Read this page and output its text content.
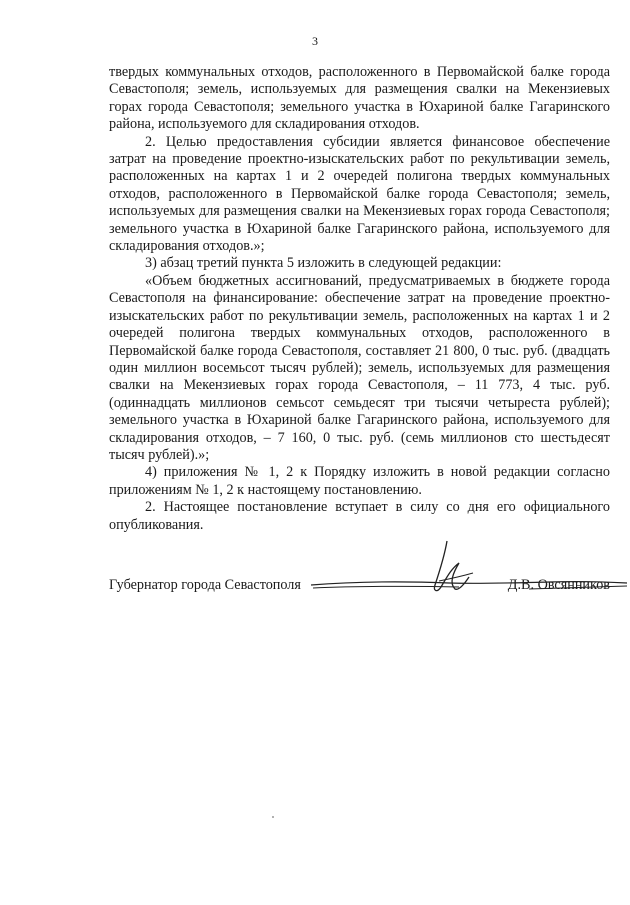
3

твердых коммунальных отходов, расположенного в Первомайской балке города Севастополя; земель, используемых для размещения свалки на Мекензиевых горах города Севастополя; земельного участка в Юхариной балке Гагаринского района, используемого для складирования отходов.

2. Целью предоставления субсидии является финансовое обеспечение затрат на проведение проектно-изыскательских работ по рекультивации земель, расположенных на картах 1 и 2 очередей полигона твердых коммунальных отходов, расположенного в Первомайской балке города Севастополя; земель, используемых для размещения свалки на Мекензиевых горах города Севастополя; земельного участка в Юхариной балке Гагаринского района, используемого для складирования отходов.»;

3) абзац третий пункта 5 изложить в следующей редакции:

«Объем бюджетных ассигнований, предусматриваемых в бюджете города Севастополя на финансирование: обеспечение затрат на проведение проектно-изыскательских работ по рекультивации земель, расположенных на картах 1 и 2 очередей полигона твердых коммунальных отходов, расположенного в Первомайской балке города Севастополя, составляет 21 800, 0 тыс. руб. (двадцать один миллион восемьсот тысяч рублей); земель, используемых для размещения свалки на Мекензиевых горах города Севастополя, – 11 773, 4 тыс. руб. (одиннадцать миллионов семьсот семьдесят три тысячи четыреста рублей); земельного участка в Юхариной балке Гагаринского района, используемого для складирования отходов, – 7 160, 0 тыс. руб. (семь миллионов сто шестьдесят тысяч рублей).»;

4) приложения № 1, 2 к Порядку изложить в новой редакции согласно приложениям № 1, 2 к настоящему постановлению.

2. Настоящее постановление вступает в силу со дня его официального опубликования.

Губернатор города Севастополя	Д.В. Овсянников
